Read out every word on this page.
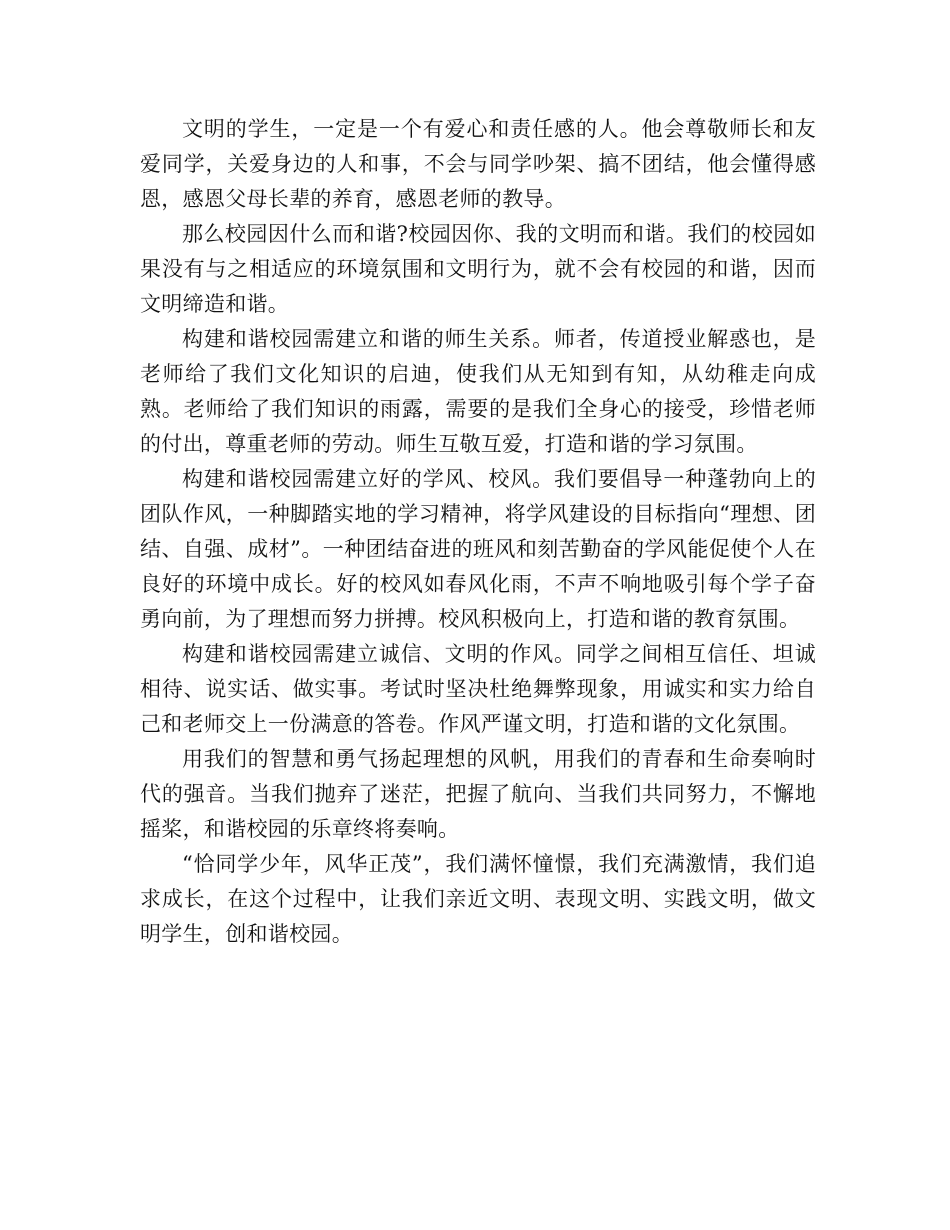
文明的学生，一定是一个有爱心和责任感的人。他会尊敬师长和友爱同学，关爱身边的人和事，不会与同学吵架、搞不团结，他会懂得感恩，感恩父母长辈的养育，感恩老师的教导。

那么校园因什么而和谐?校园因你、我的文明而和谐。我们的校园如果没有与之相适应的环境氛围和文明行为，就不会有校园的和谐，因而文明缔造和谐。

构建和谐校园需建立和谐的师生关系。师者，传道授业解惑也，是老师给了我们文化知识的启迪，使我们从无知到有知，从幼稚走向成熟。老师给了我们知识的雨露，需要的是我们全身心的接受，珍惜老师的付出，尊重老师的劳动。师生互敬互爱，打造和谐的学习氛围。

构建和谐校园需建立好的学风、校风。我们要倡导一种蓬勃向上的团队作风，一种脚踏实地的学习精神，将学风建设的目标指向“理想、团结、自强、成材”。一种团结奋进的班风和刻苦勤奋的学风能促使个人在良好的环境中成长。好的校风如春风化雨，不声不响地吸引每个学子奋勇向前，为了理想而努力拼搏。校风积极向上，打造和谐的教育氛围。

构建和谐校园需建立诚信、文明的作风。同学之间相互信任、坦诚相待、说实话、做实事。考试时坚决杜绝舞弊现象，用诚实和实力给自己和老师交上一份满意的答卷。作风严谨文明，打造和谐的文化氛围。

用我们的智慧和勇气扬起理想的风帆，用我们的青春和生命奏响时代的强音。当我们抛弃了迷茫，把握了航向、当我们共同努力，不懈地摇桨，和谐校园的乐章终将奏响。

“恰同学少年，风华正茂”，我们满怀憧憬，我们充满激情，我们追求成长，在这个过程中，让我们亲近文明、表现文明、实践文明，做文明学生，创和谐校园。
